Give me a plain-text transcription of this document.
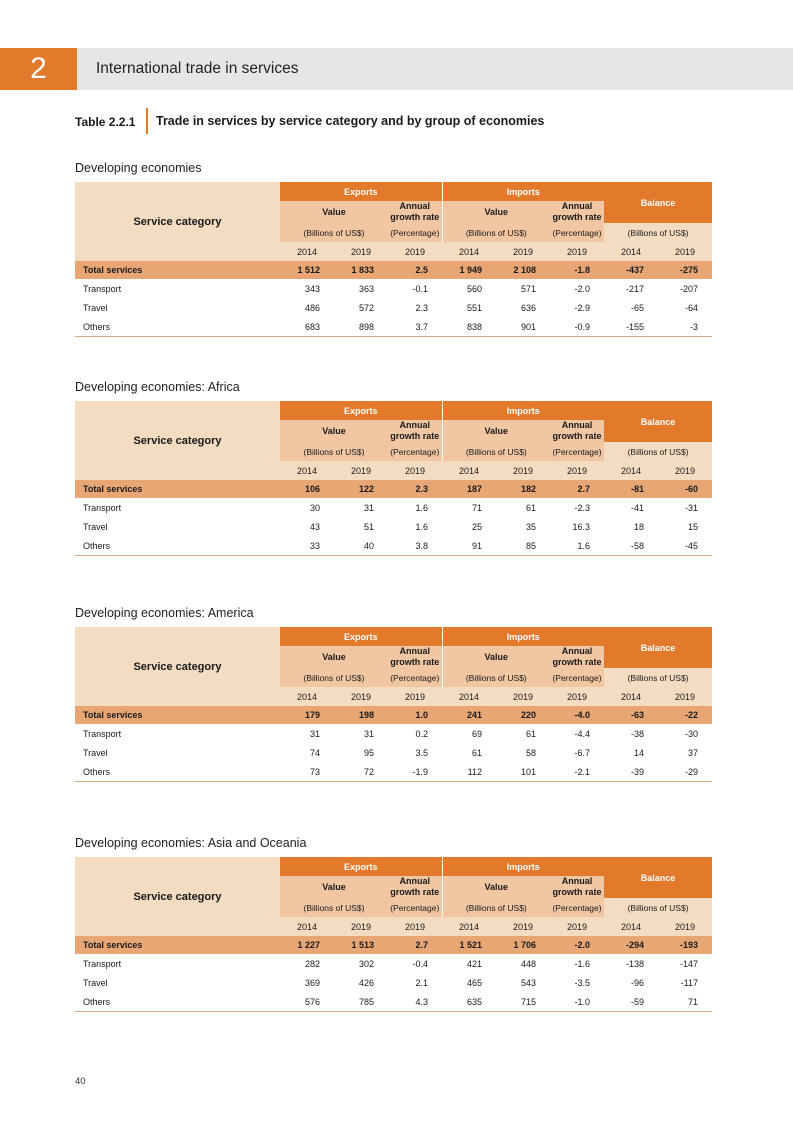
2	International trade in services
Table 2.2.1 Trade in services by service category and by group of economies
Developing economies
Service category	Exports			Imports			Balance	
	Value		Annual
growth rate	Value		Annual
growth rate		
	(Billions of US$)		(Percentage)	(Billions of US$)		(Percentage)	(Billions of US$)	
	2014	2019	2019	2014	2019	2019	2014	2019
Total services	1 512	1 833	2.5	1 949	2 108	-1.8	-437	-275
Transport	343	363	-0.1	560	571	-2.0	-217	-207
Travel	486	572	2.3	551	636	-2.9	-65	-64
Others	683	898	3.7	838	901	-0.9	-155	-3
Developing economies: Africa
Service category	Exports			Imports			Balance	
	Value		Annual
growth rate	Value		Annual
growth rate		
	(Billions of US$)		(Percentage)	(Billions of US$)		(Percentage)	(Billions of US$)	
	2014	2019	2019	2014	2019	2019	2014	2019
Total services	106	122	2.3	187	182	2.7	-81	-60
Transport	30	31	1.6	71	61	-2.3	-41	-31
Travel	43	51	1.6	25	35	16.3	18	15
Others	33	40	3.8	91	85	1.6	-58	-45
Developing economies: America
Service category	Exports			Imports			Balance	
	Value		Annual
growth rate	Value		Annual
growth rate		
	(Billions of US$)		(Percentage)	(Billions of US$)		(Percentage)	(Billions of US$)	
	2014	2019	2019	2014	2019	2019	2014	2019
Total services	179	198	1.0	241	220	-4.0	-63	-22
Transport	31	31	0.2	69	61	-4.4	-38	-30
Travel	74	95	3.5	61	58	-6.7	14	37
Others	73	72	-1.9	112	101	-2.1	-39	-29
Developing economies: Asia and Oceania
Service category	Exports			Imports			Balance	
	Value		Annual
growth rate	Value		Annual
growth rate		
	(Billions of US$)		(Percentage)	(Billions of US$)		(Percentage)	(Billions of US$)	
	2014	2019	2019	2014	2019	2019	2014	2019
Total services	1 227	1 513	2.7	1 521	1 706	-2.0	-294	-193
Transport	282	302	-0.4	421	448	-1.6	-138	-147
Travel	369	426	2.1	465	543	-3.5	-96	-117
Others	576	785	4.3	635	715	-1.0	-59	71
40
